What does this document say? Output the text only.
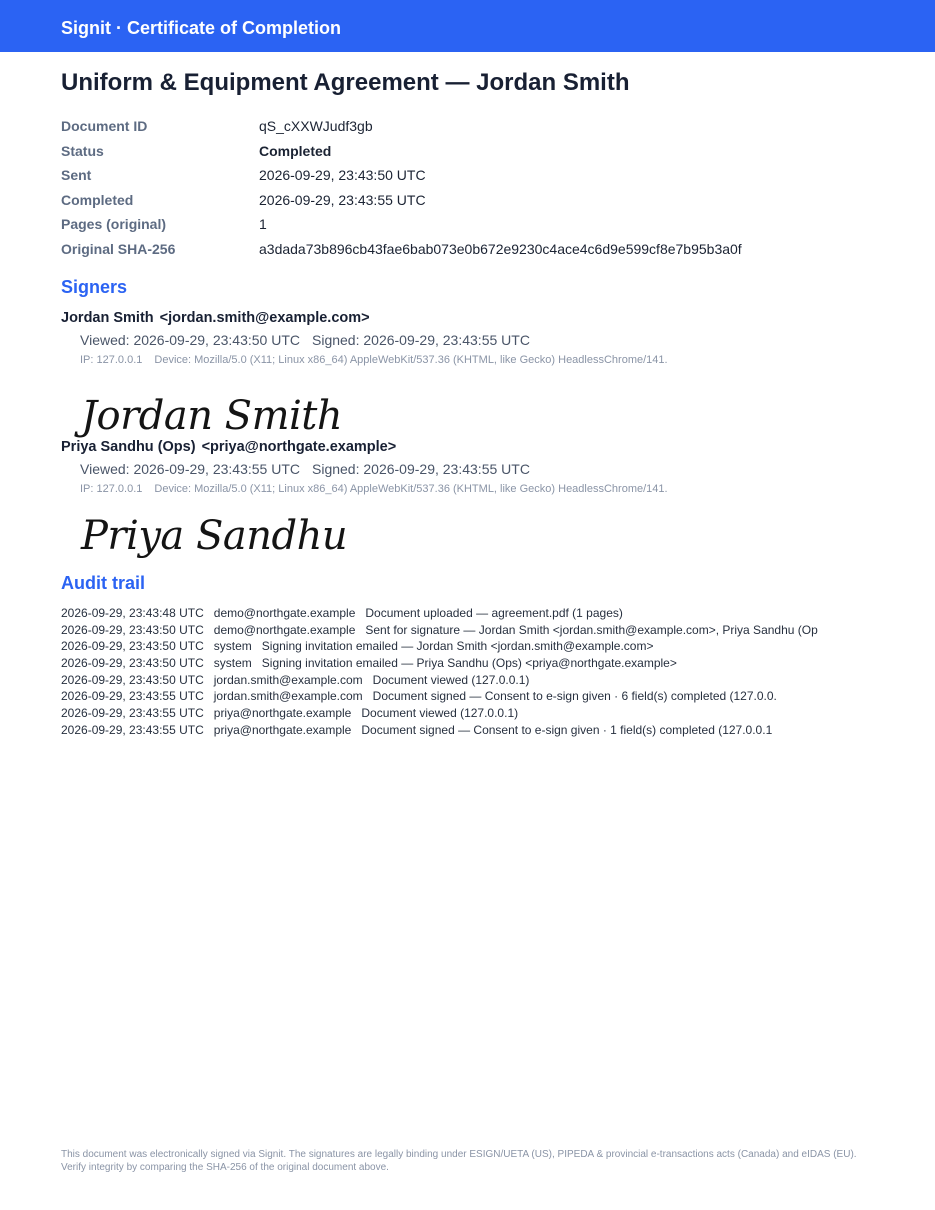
Signit · Certificate of Completion
Uniform & Equipment Agreement — Jordan Smith
Document ID	qS_cXXWJudf3gb
Status	Completed
Sent	2026-09-29, 23:43:50 UTC
Completed	2026-09-29, 23:43:55 UTC
Pages (original)	1
Original SHA-256	a3dada73b896cb43fae6bab073e0b672e9230c4ace4c6d9e599cf8e7b95b3a0f
Signers
Jordan Smith <jordan.smith@example.com>
Viewed: 2026-09-29, 23:43:50 UTC Signed: 2026-09-29, 23:43:55 UTC
IP: 127.0.0.1 Device: Mozilla/5.0 (X11; Linux x86_64) AppleWebKit/537.36 (KHTML, like Gecko) HeadlessChrome/141.
Jordan Smith
Priya Sandhu (Ops) <priya@northgate.example>
Viewed: 2026-09-29, 23:43:55 UTC Signed: 2026-09-29, 23:43:55 UTC
IP: 127.0.0.1 Device: Mozilla/5.0 (X11; Linux x86_64) AppleWebKit/537.36 (KHTML, like Gecko) HeadlessChrome/141.
Priya Sandhu
Audit trail
2026-09-29, 23:43:48 UTC demo@northgate.example Document uploaded — agreement.pdf (1 pages)
2026-09-29, 23:43:50 UTC demo@northgate.example Sent for signature — Jordan Smith <jordan.smith@example.com>, Priya Sandhu (Op
2026-09-29, 23:43:50 UTC system Signing invitation emailed — Jordan Smith <jordan.smith@example.com>
2026-09-29, 23:43:50 UTC system Signing invitation emailed — Priya Sandhu (Ops) <priya@northgate.example>
2026-09-29, 23:43:50 UTC jordan.smith@example.com Document viewed (127.0.0.1)
2026-09-29, 23:43:55 UTC jordan.smith@example.com Document signed — Consent to e-sign given · 6 field(s) completed (127.0.0.
2026-09-29, 23:43:55 UTC priya@northgate.example Document viewed (127.0.0.1)
2026-09-29, 23:43:55 UTC priya@northgate.example Document signed — Consent to e-sign given · 1 field(s) completed (127.0.0.1
This document was electronically signed via Signit. The signatures are legally binding under ESIGN/UETA (US), PIPEDA & provincial e-transactions acts (Canada) and eIDAS (EU). Verify integrity by comparing the SHA-256 of the original document above.
